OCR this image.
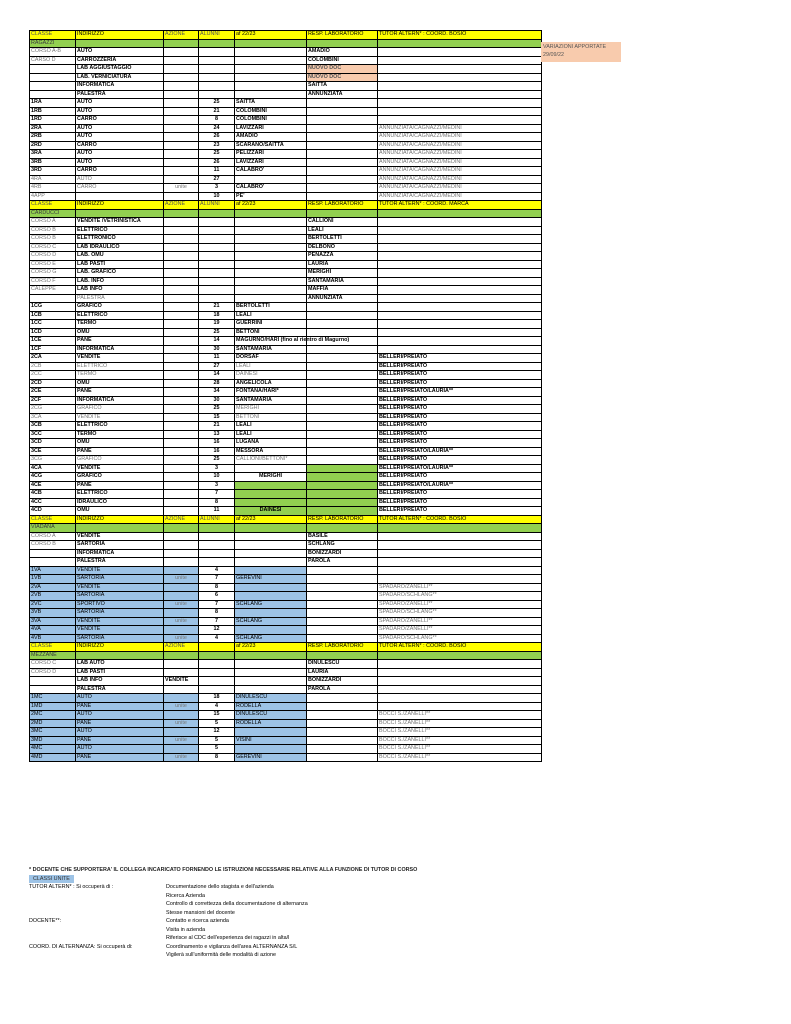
CLASSE	INDIRIZZO	AZIONE	ALUNNI	af 22/23	RESP. LABORATORIO	TUTOR ALTERN* : COORD. BOSIO
RAGAZZI						
CORSO A-B	AUTO				AMADIO	
CARSO D	CARROZZERIA				COLOMBINI	
	LAB AGGIUSTAGGIO				NUOVO DOC	
	LAB. VERNICIATURA				NUOVO DOC	
	INFORMATICA				SAITTA	
	PALESTRA				ANNUNZIATA	
1RA	AUTO		25	SAITTA		
1RB	AUTO		21	COLOMBINI		
1RD	CARRO		8	COLOMBINI		
2RA	AUTO		24	LAVIZZARI		ANNUNZIATA/CAGNAZZI/MEDINI
2RB	AUTO		26	AMADIO		ANNUNZIATA/CAGNAZZI/MEDINI
2RD	CARRO		23	SCARANO/SAITTA		ANNUNZIATA/CAGNAZZI/MEDINI
3RA	AUTO		25	PELIZZARI		ANNUNZIATA/CAGNAZZI/MEDINI
3RB	AUTO		26	LAVIZZARI		ANNUNZIATA/CAGNAZZI/MEDINI
3RD	CARRO		11	CALABRO'		ANNUNZIATA/CAGNAZZI/MEDINI
4RA	AUTO		27			ANNUNZIATA/CAGNAZZI/MEDINI
4RB	CARRO	unite	3	CALABRO'		ANNUNZIATA/CAGNAZZI/MEDINI
4APP			10	PE'		ANNUNZIATA/CAGNAZZI/MEDINI
CLASSE	INDIRIZZO	AZIONE	ALUNNI	af 22/23	RESP. LABORATORIO	TUTOR ALTERN* : COORD. MARCA
CARDUCCI						
CORSO A	VENDITE /VETRINISTICA				CALLIONI	
CORSO B	ELETTRICO				LEALI	
CORSO B	ELETTRONICO				BERTOLETTI	
CORSO C	LAB IDRAULICO				DELBONO	
CORSO D	LAB. OMU				PENAZZA	
CORSO E	LAB PASTI				LAURIA	
CORSO G	LAB. GRAFICO				MERIGHI	
CORSO F	LAB. INFO				SANTAMARIA	
CALEPPE	LAB INFO				MAFFIA	
	PALESTRA				ANNUNZIATA	
1CG	GRAFICO		21	BERTOLETTI		
1CB	ELETTRICO		18	LEALI		
1CC	TERMO		19	GUERRINI		
1CD	OMU		25	BETTONI		
1CE	PANE		14	MAGURNO/HARI (fino al rientro di Magurno)		
1CF	INFORMATICA		30	SANTAMARIA		
2CA	VENDITE		11	DORSAF		BELLERI/PREIATO
2CB	ELETTRICO		27	LEALI		BELLERI/PREIATO
2CC	TERMO		14	DAINESI		BELLERI/PREIATO
2CD	OMU		28	ANGELICOLA		BELLERI/PREIATO
2CE	PANE		34	FONTANA/HARI*		BELLERI/PREIATO/LAURIA**
2CF	INFORMATICA		30	SANTAMARIA		BELLERI/PREIATO
2CG	GRAFICO		25	MERIGHI		BELLERI/PREIATO
3CA	VENDITE		15	BETTONI		BELLERI/PREIATO
3CB	ELETTRICO		21	LEALI		BELLERI/PREIATO
3CC	TERMO		13	LEALI		BELLERI/PREIATO
3CD	OMU		16	LUGANA		BELLERI/PREIATO
3CE	PANE		16	MESSORA		BELLERI/PREIATO/LAURIA**
3CG	GRAFICO		25	CALLIONI/BETTONI*		BELLERI/PREIATO
4CA	VENDITE		3			BELLERI/PREIATO/LAURIA**
4CG	GRAFICO		10	MERIGHI		BELLERI/PREIATO
4CE	PANE		3			BELLERI/PREIATO/LAURIA**
4CB	ELETTRICO		7			BELLERI/PREIATO
4CC	IDRAULICO		8			BELLERI/PREIATO
4CD	OMU		11	DAINESI		BELLERI/PREIATO
CLASSE	INDIRIZZO	AZIONE	ALUNNI	af 22/23	RESP. LABORATORIO	TUTOR ALTERN* : COORD. BOSIO
VIADANA						
CORSO A	VENDITE				BASILE	
CORSO B	SARTORIA				SCHLANG	
	INFORMATICA				BONIZZARDI	
	PALESTRA				PAROLA	
1VA	VENDITE		4			
1VB	SARTORIA	unite	7	GEREVINI		
2VA	VENDITE		8			SPADARO/ZANELLI**
2VB	SARTORIA		6			SPADARO/SCHLANG**
2VC	SPORTIVO	unite	7	SCHLANG		SPADARO/ZANELLI**
3VB	SARTORIA		8			SPADARO/SCHLANG**
3VA	VENDITE	unite	7	SCHLANG		SPADARO/ZANELLI**
4VA	VENDITE		12			SPADARO/ZANELLI**
4VB	SARTORIA	unite	4	SCHLANG		SPADARO/SCHLANG**
CLASSE	INDIRIZZO	AZIONE		af 22/23	RESP. LABORATORIO	TUTOR ALTERN* : COORD. BOSIO
MEZZANE						
CORSO C	LAB AUTO				DINULESCU	
CORSO D	LAB PASTI				LAURIA	
	LAB INFO	VENDITE			BONIZZARDI	
	PALESTRA				PAROLA	
1MC	AUTO		18	DINULESCU		
1MD	PANE	unite	4	RODELLA		
2MC	AUTO		15	DINULESCU		BOCCI S./ZANELLI**
2MD	PANE	unite	5	RODELLA		BOCCI S./ZANELLI**
3MC	AUTO		12			BOCCI S./ZANELLI**
3MD	PANE	unite	5	VISINI		BOCCI S./ZANELLI**
4MC	AUTO		5			BOCCI S./ZANELLI**
4MD	PANE	unite	8	GEREVINI		BOCCI S./ZANELLI**
VARIAZIONI APPORTATE
29/09/22
* DOCENTE CHE SUPPORTERA' IL COLLEGA INCARICATO FORNENDO LE ISTRUZIONI NECESSARIE RELATIVE ALLA FUNZIONE DI TUTOR DI CORSO
CLASSI UNITE
TUTOR ALTERN* : Si occuperà di :	Documentazione dello stagista e dell'azienda
Ricerca Azienda
Controllo di correttezza della documentazione di alternanza
Stesse mansioni del docente
DOCENTE**:	Contatto e ricerca azienda
Visita in azienda
Riferisce al CDC dell'esperienza dei ragazzi in alta/l
COORD. DI ALTERNANZA: Si occuperà di:	Coordinamento e vigilanza dell'area ALTERNANZA S/L
Vigilerà sull'uniformità delle modalità di azione
